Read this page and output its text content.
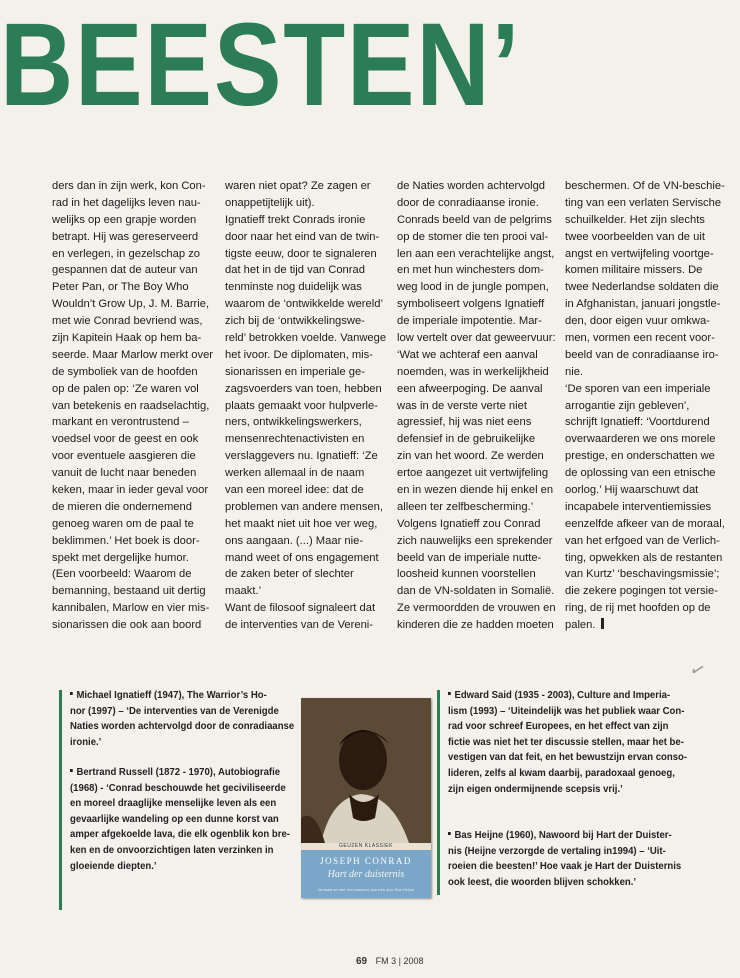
BEESTEN’
ders dan in zijn werk, kon Con-
rad in het dagelijks leven nau-
welijks op een grapje worden
betrapt. Hij was gereserveerd
en verlegen, in gezelschap zo
gespannen dat de auteur van
Peter Pan, or The Boy Who
Wouldn’t Grow Up, J. M. Barrie,
met wie Conrad bevriend was,
zijn Kapitein Haak op hem ba-
seerde. Maar Marlow merkt over
de symboliek van de hoofden
op de palen op: ‘Ze waren vol
van betekenis en raadselachtig,
markant en verontrustend –
voedsel voor de geest en ook
voor eventuele aasgieren die
vanuit de lucht naar beneden
keken, maar in ieder geval voor
de mieren die ondernemend
genoeg waren om de paal te
beklimmen.’ Het boek is door-
spekt met dergelijke humor.
(Een voorbeeld: Waarom de
bemanning, bestaand uit dertig
kannibalen, Marlow en vier mis-
sionarissen die ook aan boord
waren niet opat? Ze zagen er
onappetijtelijk uit).
Ignatieff trekt Conrads ironie
door naar het eind van de twin-
tigste eeuw, door te signaleren
dat het in de tijd van Conrad
tenminste nog duidelijk was
waarom de ‘ontwikkelde wereld’
zich bij de ‘ontwikkelingswe-
reld’ betrokken voelde. Vanwege
het ivoor. De diplomaten, mis-
sionarissen en imperiale ge-
zagsvoerders van toen, hebben
plaats gemaakt voor hulpverle-
ners, ontwikkelingswerkers,
mensenrechtenactivisten en
verslaggevers nu. Ignatieff: ‘Ze
werken allemaal in de naam
van een moreel idee: dat de
problemen van andere mensen,
het maakt niet uit hoe ver weg,
ons aangaan. (...) Maar nie-
mand weet of ons engagement
de zaken beter of slechter
maakt.’
Want de filosoof signaleert dat
de interventies van de Vereni-
de Naties worden achtervolgd
door de conradiaanse ironie.
Conrads beeld van de pelgrims
op de stomer die ten prooi val-
len aan een verachtelijke angst,
en met hun winchesters dom-
weg lood in de jungle pompen,
symboliseert volgens Ignatieff
de imperiale impotentie. Mar-
low vertelt over dat geweervuur:
‘Wat we achteraf een aanval
noemden, was in werkelijkheid
een afweerpoging. De aanval
was in de verste verte niet
agressief, hij was niet eens
defensief in de gebruikelijke
zin van het woord. Ze werden
ertoe aangezet uit vertwijfeling
en in wezen diende hij enkel en
alleen ter zelfbescherming.’
Volgens Ignatieff zou Conrad
zich nauwelijks een sprekender
beeld van de imperiale nutte-
loosheid kunnen voorstellen
dan de VN-soldaten in Somalië.
Ze vermoordden de vrouwen en
kinderen die ze hadden moeten
beschermen. Of de VN-beschie-
ting van een verlaten Servische
schuilkelder. Het zijn slechts
twee voorbeelden van de uit
angst en vertwijfeling voortge-
komen militaire missers. De
twee Nederlandse soldaten die
in Afghanistan, januari jongstle-
den, door eigen vuur omkwa-
men, vormen een recent voor-
beeld van de conradiaanse iro-
nie.
‘De sporen van een imperiale
arrogantie zijn gebleven’,
schrijft Ignatieff: ‘Voortdurend
overwaarderen we ons morele
prestige, en onderschatten we
de oplossing van een etnische
oorlog.’ Hij waarschuwt dat
incapabele interventiemissies
eenzelfde afkeer van de moraal,
van het erfgoed van de Verlich-
ting, opwekken als de restanten
van Kurtz’ ‘beschavingsmissie’;
die zekere pogingen tot versie-
ring, de rij met hoofden op de
palen.
Michael Ignatieff (1947), The Warrior’s Ho-
nor (1997) – ‘De interventies van de Verenigde
Naties worden achtervolgd door de conradiaanse
ironie.’
Bertrand Russell (1872 - 1970), Autobiografie
(1968) - ‘Conrad beschouwde het geciviliseerde
en moreel draaglijke menselijke leven als een
gevaarlijke wandeling op een dunne korst van
amper afgekoelde lava, die elk ogenblik kon bre-
ken en de onvoorzichtigen laten verzinken in
gloeiende diepten.’
Edward Said (1935 - 2003), Culture and Imperia-
lism (1993) – ‘Uiteindelijk was het publiek waar Con-
rad voor schreef Europees, en het effect van zijn
fictie was niet het ter discussie stellen, maar het be-
vestigen van dat feit, en het bewustzijn ervan conso-
lideren, zelfs al kwam daarbij, paradoxaal genoeg,
zijn eigen ondermijnende scepsis vrij.’
Bas Heijne (1960), Nawoord bij Hart der Duister-
nis (Heijne verzorgde de vertaling in1994) – ‘Uit-
roeien die beesten!’ Hoe vaak je Hart der Duisternis
ook leest, die woorden blijven schokken.’
GEUZEN KLASSIEK
JOSEPH CONRAD
Hart der duisternis
Vertaald en met een nawoord voorzien door Bas Heijne
✓
69 FM 3 | 2008
